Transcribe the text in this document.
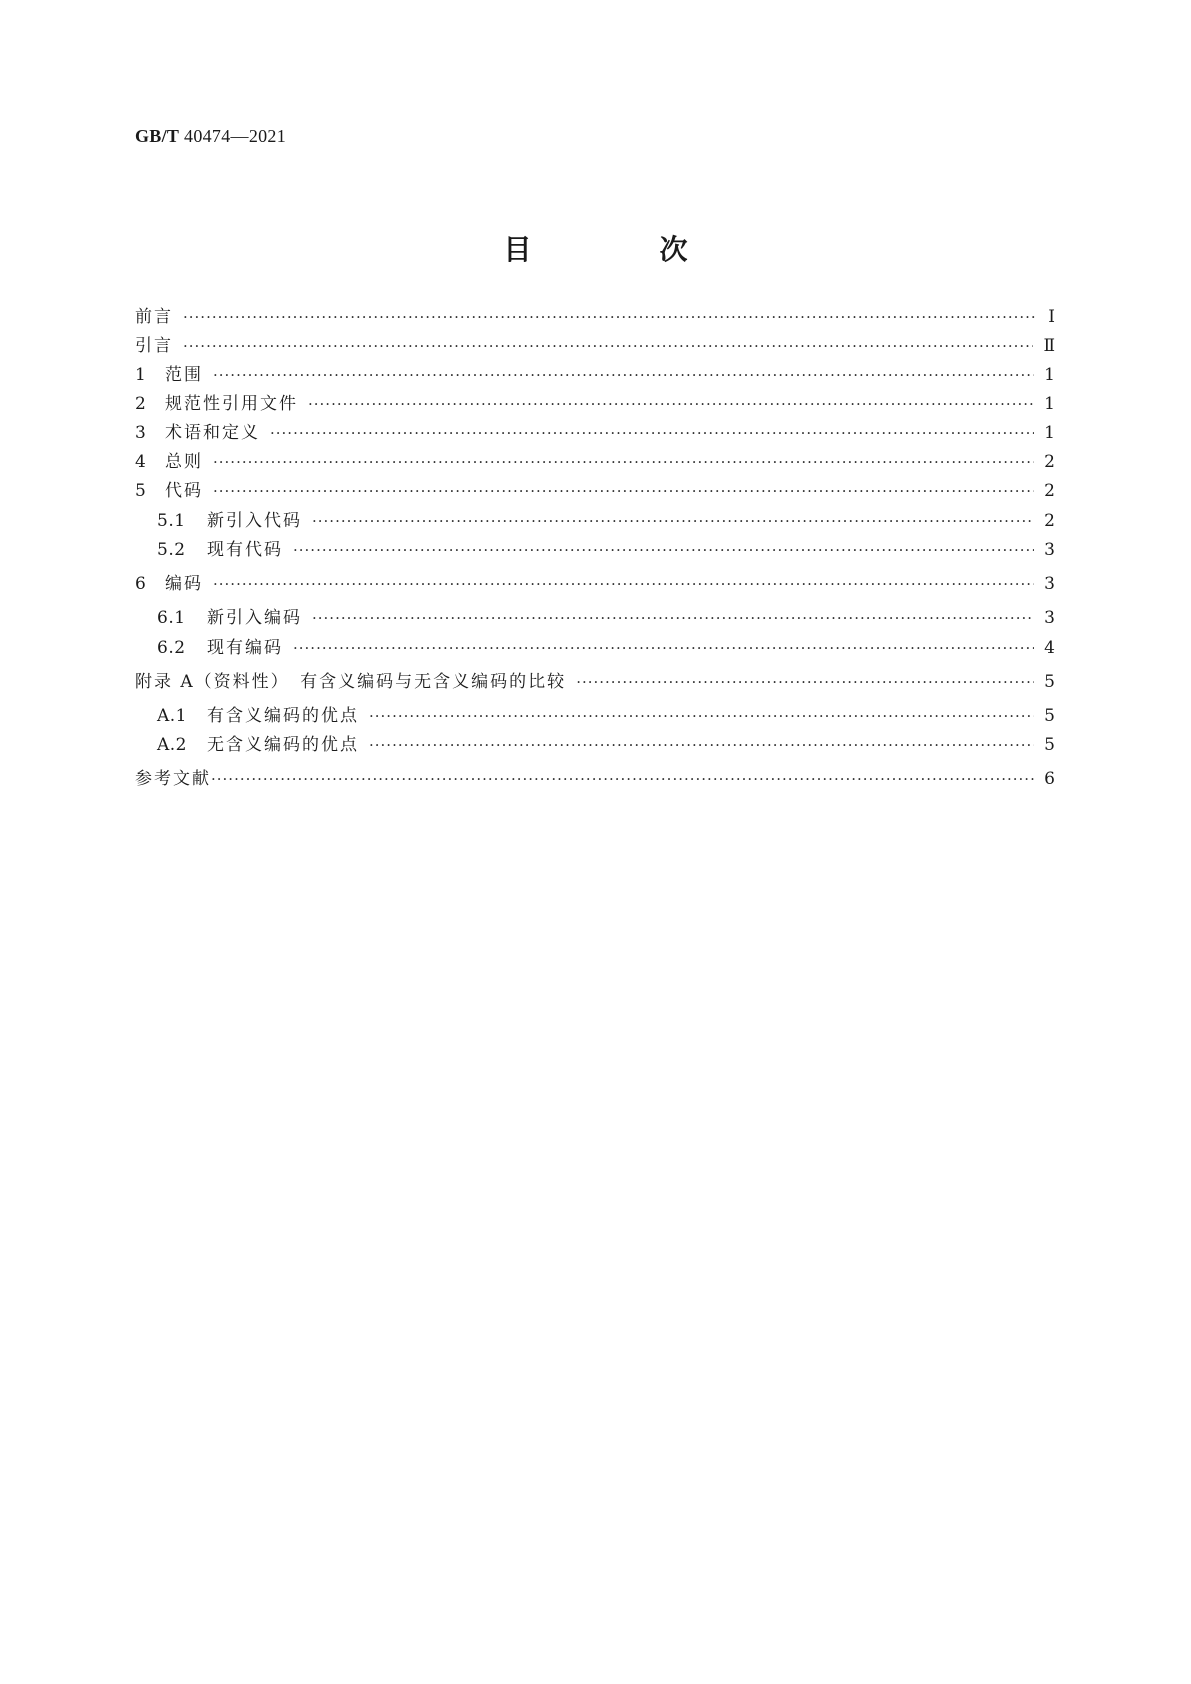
GB/T 40474—2021
目　次
前言 ·····	Ⅰ
引言 ·····	Ⅱ
1	范围 ·····	1
2	规范性引用文件 ·····	1
3	术语和定义 ·····	1
4	总则 ·····	2
5	代码 ·····	2
5.1	新引入代码 ·····	2
5.2	现有代码 ·····	3
6	编码 ·····	3
6.1	新引入编码 ·····	3
6.2	现有编码 ·····	4
附录 A（资料性）　有含义编码与无含义编码的比较 ·····	5
A.1	有含义编码的优点 ·····	5
A.2	无含义编码的优点 ·····	5
参考文献 ·····	6
